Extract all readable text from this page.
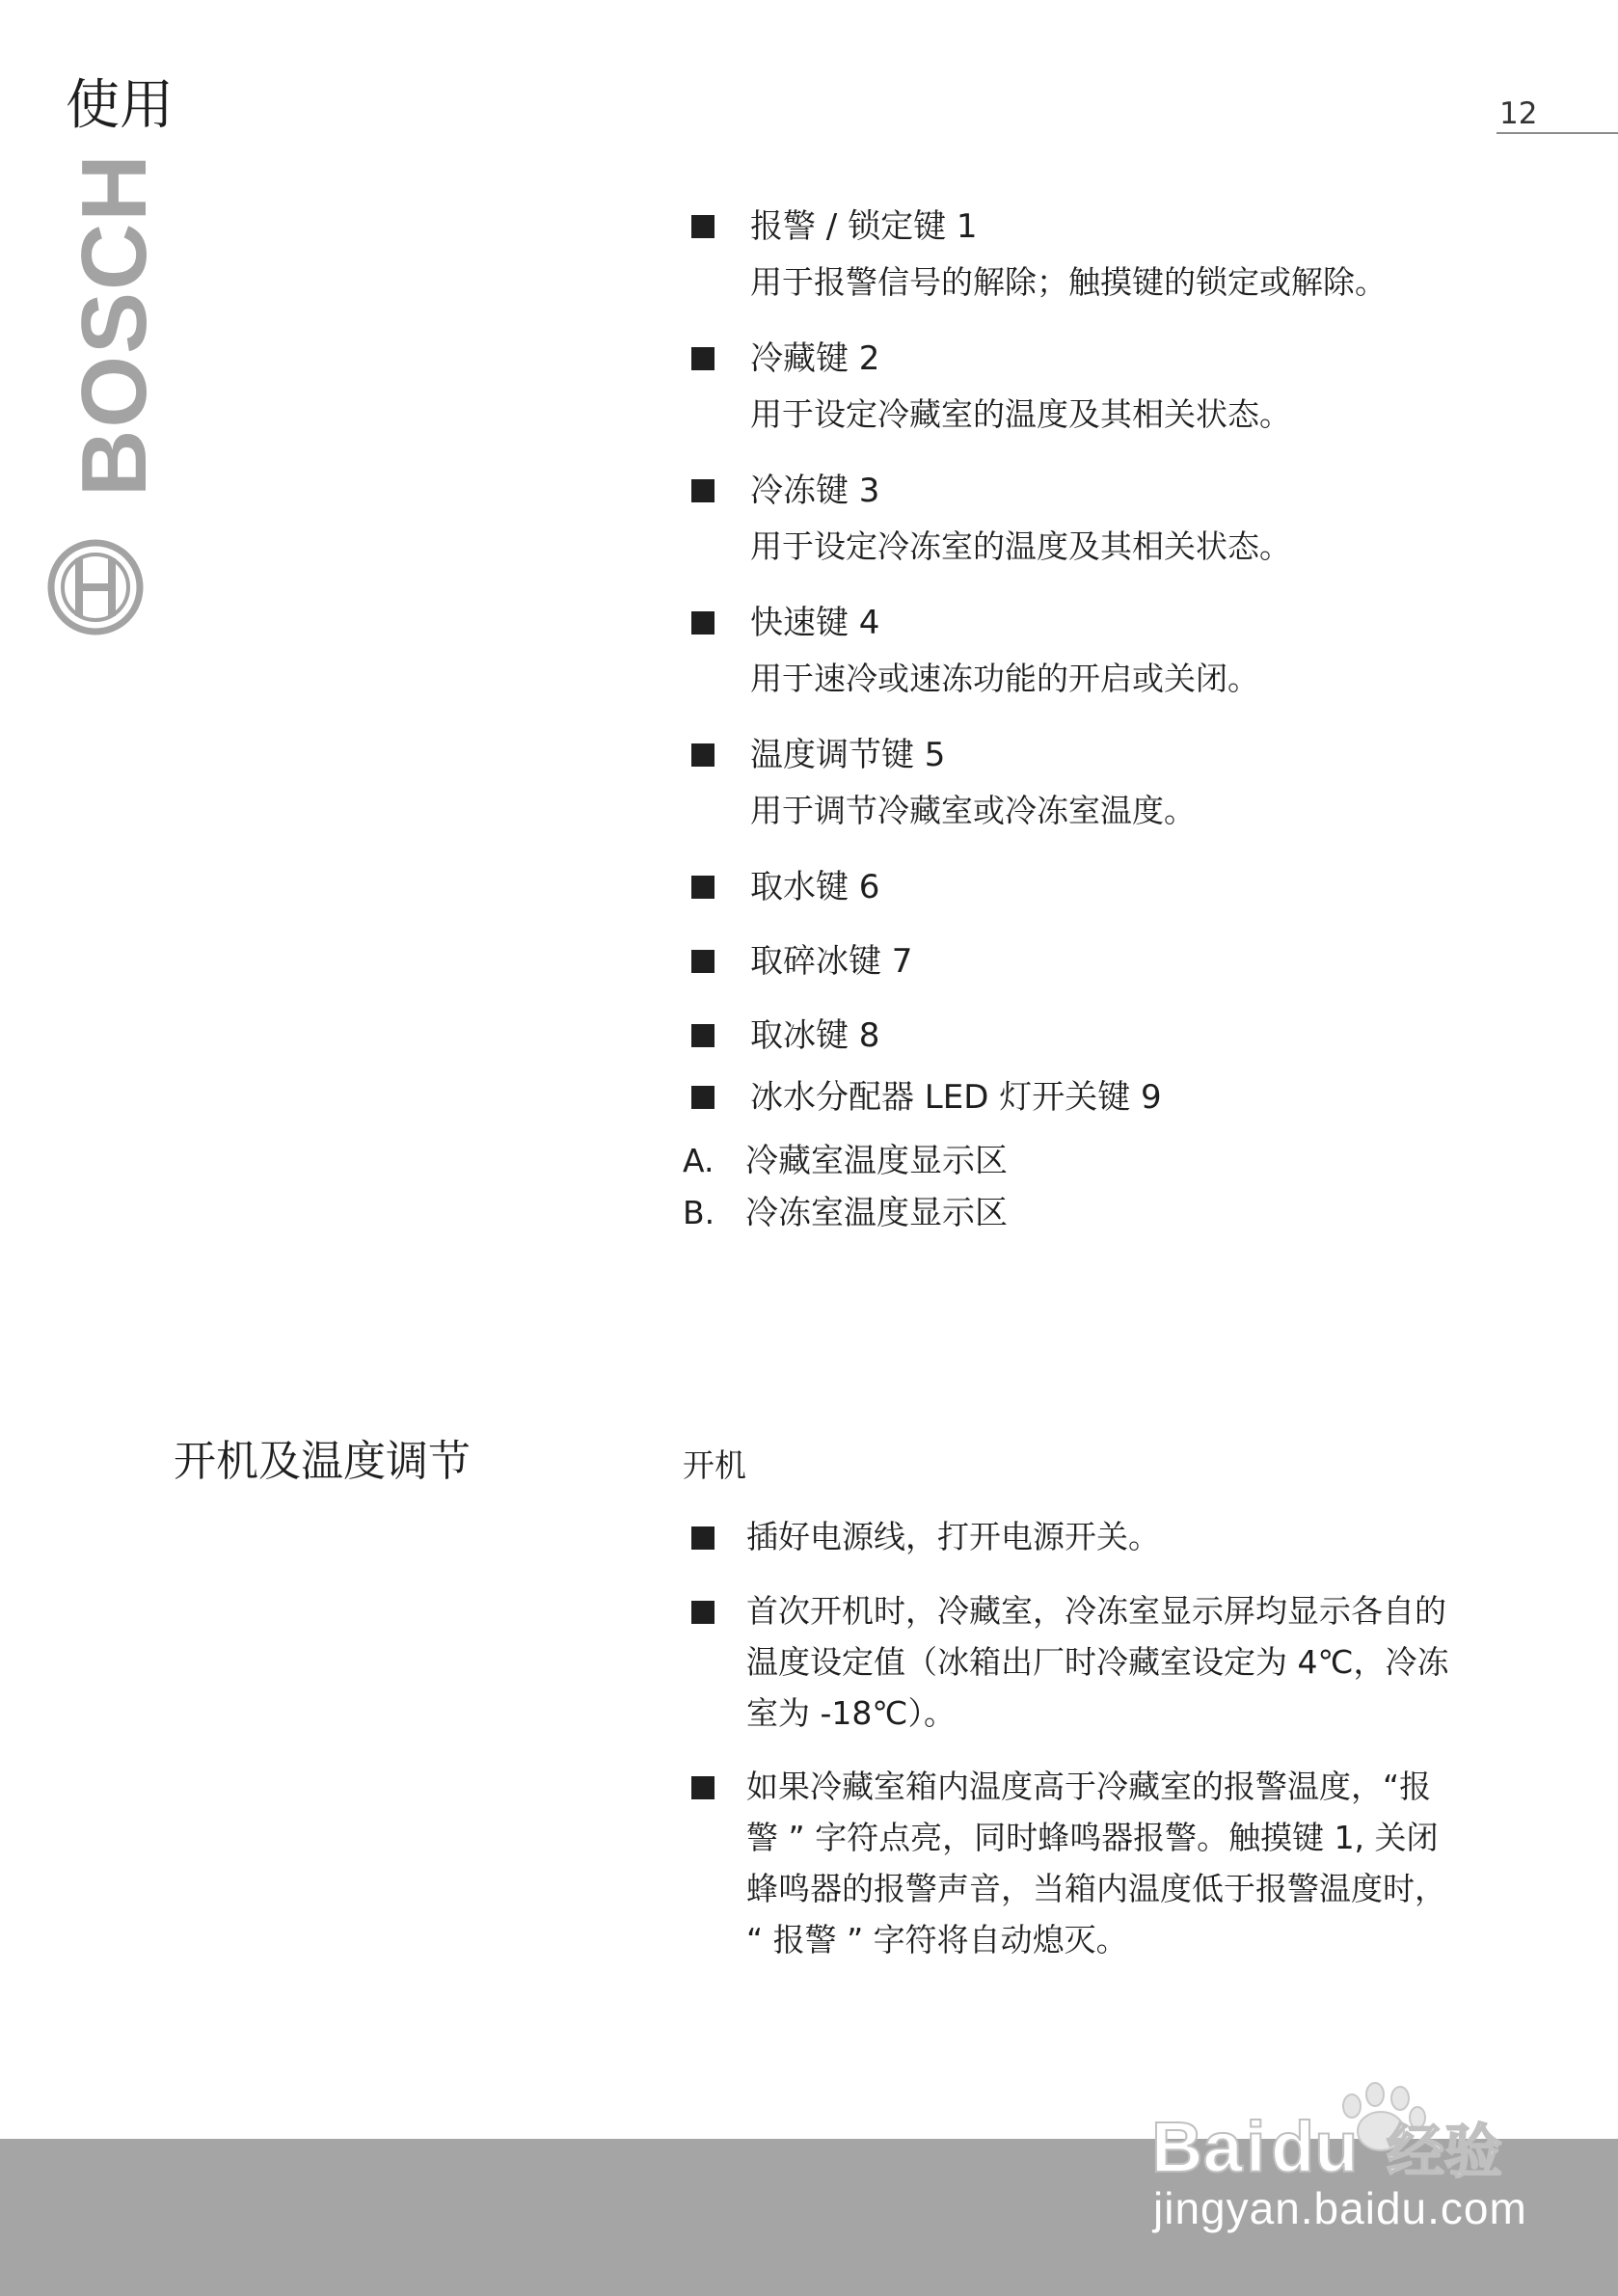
使用	12
BOSCH	报警 / 锁定键 1
用于报警信号的解除；触摸键的锁定或解除。
冷藏键 2
用于设定冷藏室的温度及其相关状态。
冷冻键 3
用于设定冷冻室的温度及其相关状态。
快速键 4
用于速冷或速冻功能的开启或关闭。
温度调节键 5
用于调节冷藏室或冷冻室温度。
取水键 6
取碎冰键 7
取冰键 8
冰水分配器 LED 灯开关键 9
A. 冷藏室温度显示区
B. 冷冻室温度显示区
开机及温度调节	开机
插好电源线，打开电源开关。
首次开机时，冷藏室，冷冻室显示屏均显示各自的
温度设定值（冰箱出厂时冷藏室设定为 4℃，冷冻
室为 -18℃）。
如果冷藏室箱内温度高于冷藏室的报警温度，“报
警 ” 字符点亮，同时蜂鸣器报警。触摸键 1, 关闭
蜂鸣器的报警声音，当箱内温度低于报警温度时，
“ 报警 ” 字符将自动熄灭。
Ba i du 经验
jingyan.baidu.com
